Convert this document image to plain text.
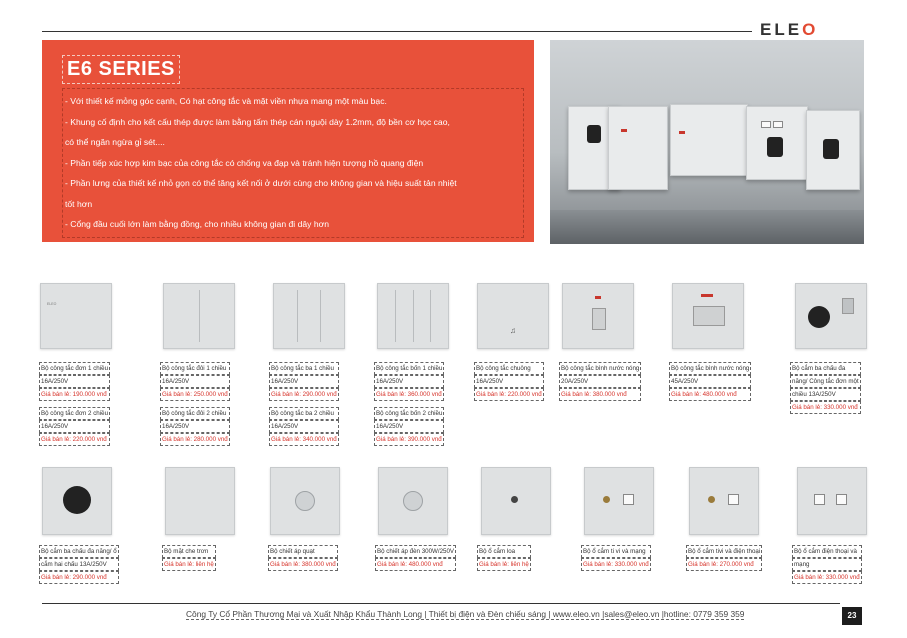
ELEO
E6 SERIES
- Với thiết kế mỏng góc cạnh, Có hạt công tắc và mặt viền nhựa mang một màu bạc.
- Khung cố định cho kết cấu thép được làm bằng tấm thép cán nguội dày 1.2mm, độ bền cơ học cao,
có thể ngăn ngừa gỉ sét....
- Phần tiếp xúc hợp kim bạc của công tắc có chống va đạp và tránh hiện tượng hồ quang điện
- Phần lưng của thiết kế nhỏ gọn có thể tăng kết nối ở dưới cùng cho không gian và hiệu suất tản nhiệt
tốt hơn
- Cổng đầu cuối lớn làm bằng đồng, cho nhiều không gian đi dây hơn
ELEO
♫
Bộ công tắc đơn 1 chiều
16A/250V
Giá bán lẻ: 190.000 vnđ
Bộ công tắc đôi 1 chiều
16A/250V
Giá bán lẻ: 250.000 vnđ
Bộ công tắc ba 1 chiều
16A/250V
Giá bán lẻ: 290.000 vnđ
Bộ công tắc bốn 1 chiều
16A/250V
Giá bán lẻ: 360.000 vnđ
Bộ công tắc chuông
16A/250V
Giá bán lẻ: 220.000 vnđ
Bộ công tắc bình nước nóng
20A/250V
Giá bán lẻ: 380.000 vnđ
Bộ công tắc bình nước nóng
45A/250V
Giá bán lẻ: 480.000 vnđ
Bộ cắm ba chấu đa
năng/ Công tắc đơn một
chiều 13A/250V
Giá bán lẻ: 330.000 vnđ
Bộ công tắc đơn 2 chiều
16A/250V
Giá bán lẻ: 220.000 vnđ
Bộ công tắc đôi 2 chiều
16A/250V
Giá bán lẻ: 280.000 vnđ
Bộ công tắc ba 2 chiều
16A/250V
Giá bán lẻ: 340.000 vnđ
Bộ công tắc bốn 2 chiều
16A/250V
Giá bán lẻ: 390.000 vnđ
Bộ cắm ba chấu đa năng/ ổ
cắm hai chấu 13A/250V
Giá bán lẻ: 290.000 vnđ
Bộ mặt che trơn
Giá bán lẻ: liên hệ
Bộ chiết áp quạt
Giá bán lẻ: 380.000 vnđ
Bộ chiết áp đèn 300W/250V
Giá bán lẻ: 480.000 vnđ
Bộ ổ cắm loa
Giá bán lẻ: liên hệ
Bộ ổ cắm ti vi và mạng
Giá bán lẻ: 330.000 vnđ
Bộ ổ cắm tivi và điện thoại
Giá bán lẻ: 270.000 vnđ
Bộ ổ cắm điện thoại và
mạng
Giá bán lẻ: 330.000 vnđ
Công Ty Cổ Phần Thương Mại và Xuất Nhập Khẩu Thành Long | Thiết bị điện và Đèn chiếu sáng | www.eleo.vn |sales@eleo.vn |hotline: 0779 359 359	23
